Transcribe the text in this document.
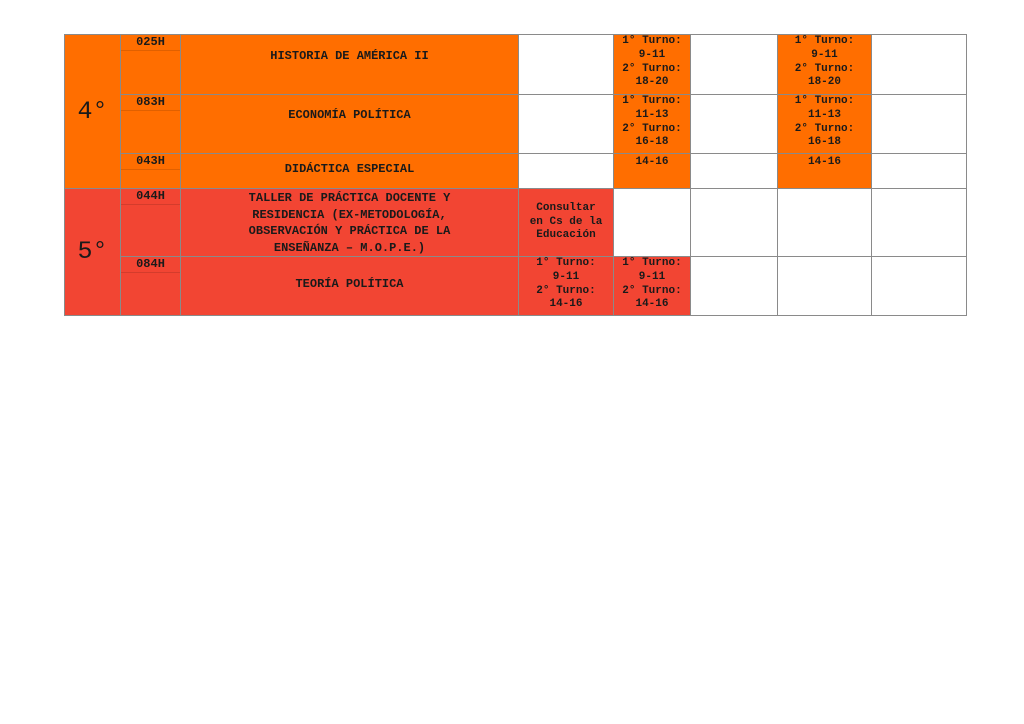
4°	025H	HISTORIA DE AMÉRICA II		1° Turno:
9-11
2° Turno:
18-20		1° Turno:
9-11
2° Turno:
18-20	

	083H	ECONOMÍA POLÍTICA		1° Turno:
11-13
2° Turno:
16-18		1° Turno:
11-13
2° Turno:
16-18	

	043H	DIDÁCTICA ESPECIAL		14-16		14-16	

5°	044H	TALLER DE PRÁCTICA DOCENTE Y
RESIDENCIA (EX-METODOLOGÍA,
OBSERVACIÓN Y PRÁCTICA DE LA
ENSEÑANZA – M.O.P.E.)	Consultar
en Cs de la
Educación				

	084H	TEORÍA POLÍTICA	1° Turno:
9-11
2° Turno:
14-16	1° Turno:
9-11
2° Turno:
14-16			
